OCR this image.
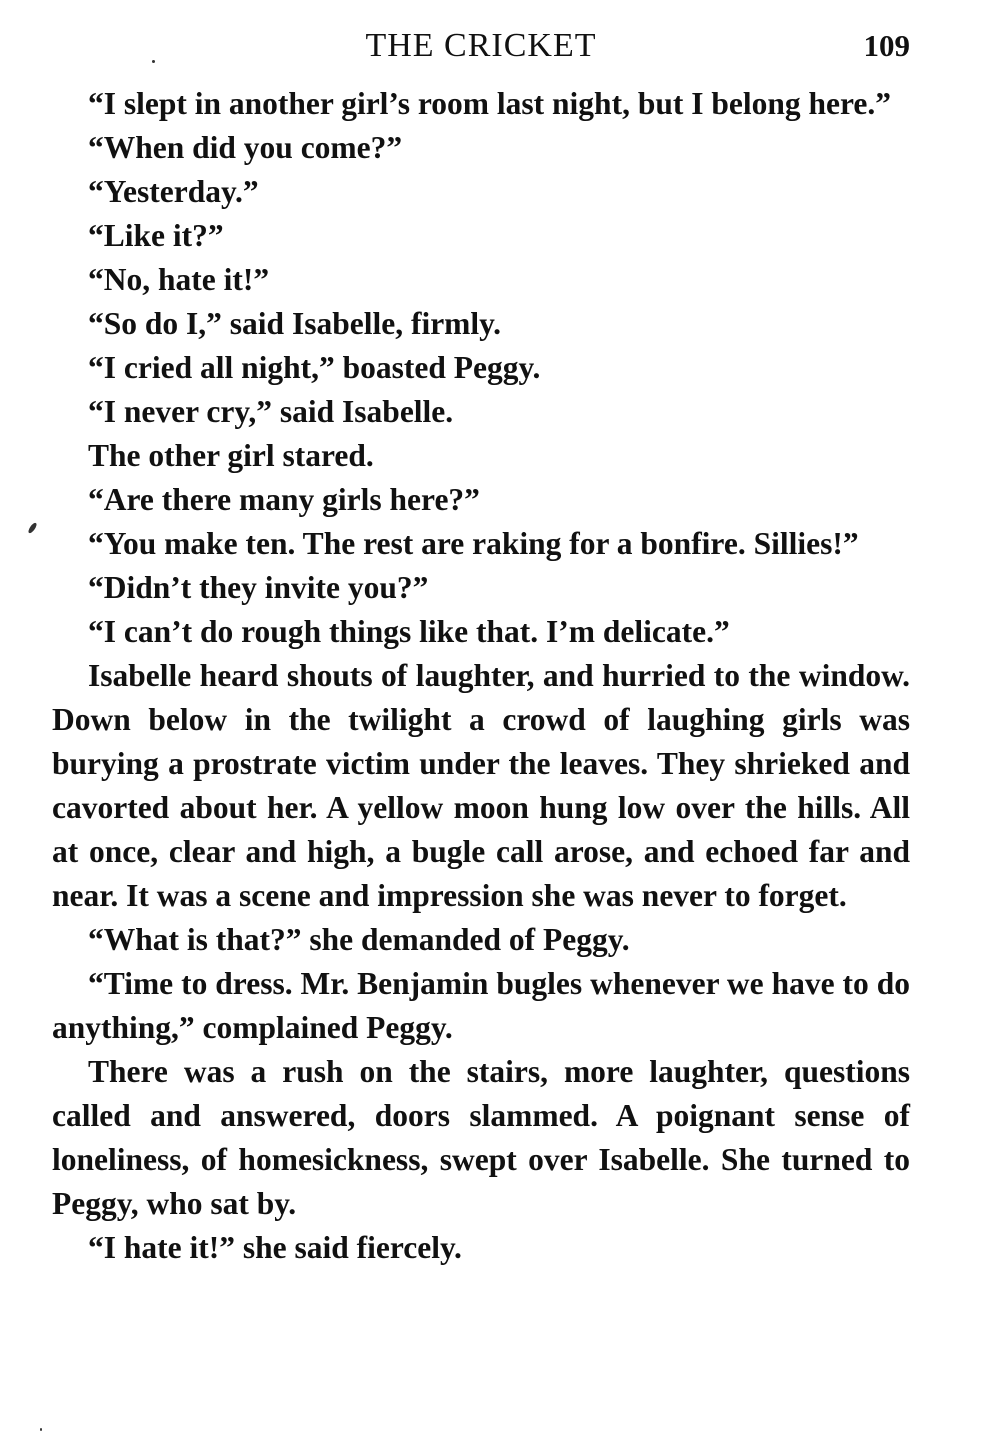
THE CRICKET	109

“I slept in another girl’s room last night, but I belong here.”

“When did you come?”

“Yesterday.”

“Like it?”

“No, hate it!”

“So do I,” said Isabelle, firmly.

“I cried all night,” boasted Peggy.

“I never cry,” said Isabelle.

The other girl stared.

“Are there many girls here?”

“You make ten. The rest are raking for a bonfire. Sillies!”

“Didn’t they invite you?”

“I can’t do rough things like that. I’m delicate.”

Isabelle heard shouts of laughter, and hurried to the window. Down below in the twilight a crowd of laughing girls was burying a prostrate victim under the leaves. They shrieked and cavorted about her. A yellow moon hung low over the hills. All at once, clear and high, a bugle call arose, and echoed far and near. It was a scene and impression she was never to forget.

“What is that?” she demanded of Peggy.

“Time to dress. Mr. Benjamin bugles whenever we have to do anything,” complained Peggy.

There was a rush on the stairs, more laughter, questions called and answered, doors slammed. A poignant sense of loneliness, of homesickness, swept over Isabelle. She turned to Peggy, who sat by.

“I hate it!” she said fiercely.
